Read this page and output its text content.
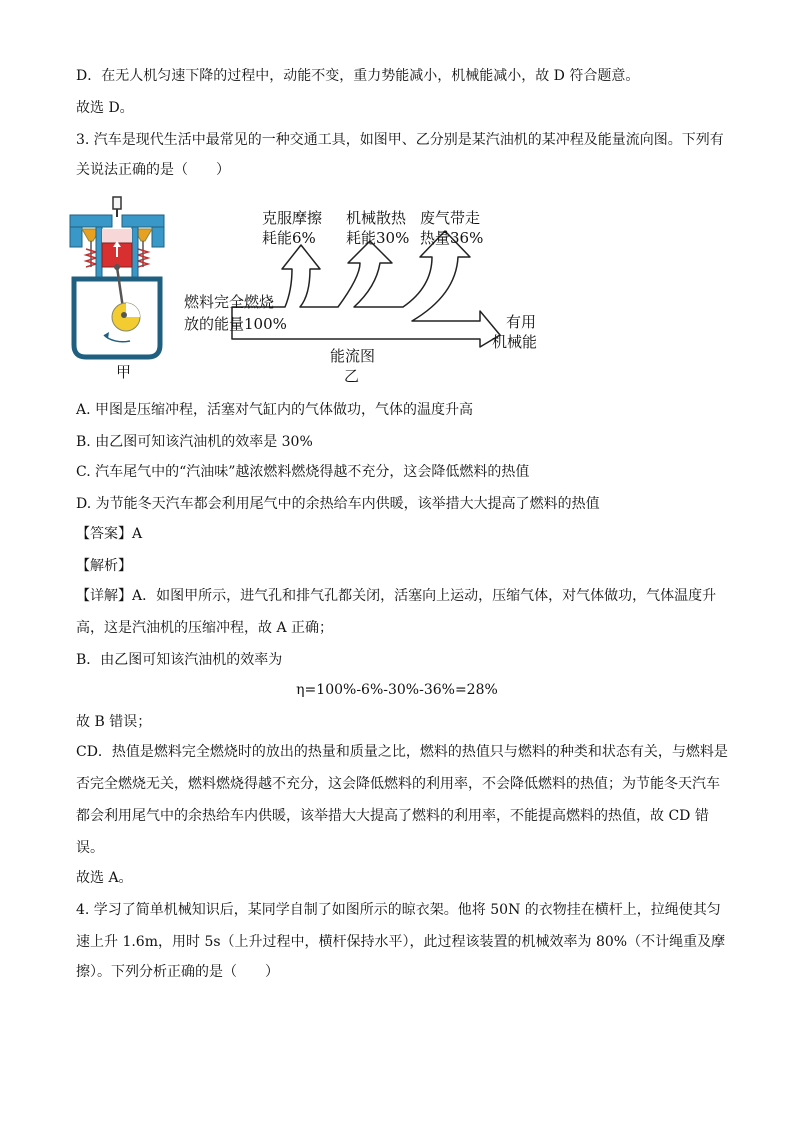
D．在无人机匀速下降的过程中，动能不变，重力势能减小，机械能减小，故 D 符合题意。
故选 D。
3. 汽车是现代生活中最常见的一种交通工具，如图甲、乙分别是某汽油机的某冲程及能量流向图。下列有
关说法正确的是（　　）
甲
克服摩擦
耗能6%
机械散热
耗能30%
废气带走
热量36%
燃料完全燃烧
放的能量100%	有用
机械能
能流图
乙
A. 甲图是压缩冲程，活塞对气缸内的气体做功，气体的温度升高
B. 由乙图可知该汽油机的效率是 30%
C. 汽车尾气中的“汽油味”越浓燃料燃烧得越不充分，这会降低燃料的热值
D. 为节能冬天汽车都会利用尾气中的余热给车内供暖，该举措大大提高了燃料的热值
【答案】A
【解析】
【详解】A．如图甲所示，进气孔和排气孔都关闭，活塞向上运动，压缩气体，对气体做功，气体温度升
高，这是汽油机的压缩冲程，故 A 正确；
B．由乙图可知该汽油机的效率为
η=100%-6%-30%-36%=28%
故 B 错误；
CD．热值是燃料完全燃烧时的放出的热量和质量之比，燃料的热值只与燃料的种类和状态有关，与燃料是
否完全燃烧无关，燃料燃烧得越不充分，这会降低燃料的利用率，不会降低燃料的热值；为节能冬天汽车
都会利用尾气中的余热给车内供暖，该举措大大提高了燃料的利用率，不能提高燃料的热值，故 CD 错
误。
故选 A。
4. 学习了简单机械知识后，某同学自制了如图所示的晾衣架。他将 50N 的衣物挂在横杆上，拉绳使其匀
速上升 1.6m，用时 5s（上升过程中，横杆保持水平），此过程该装置的机械效率为 80%（不计绳重及摩
擦）。下列分析正确的是（　　）
